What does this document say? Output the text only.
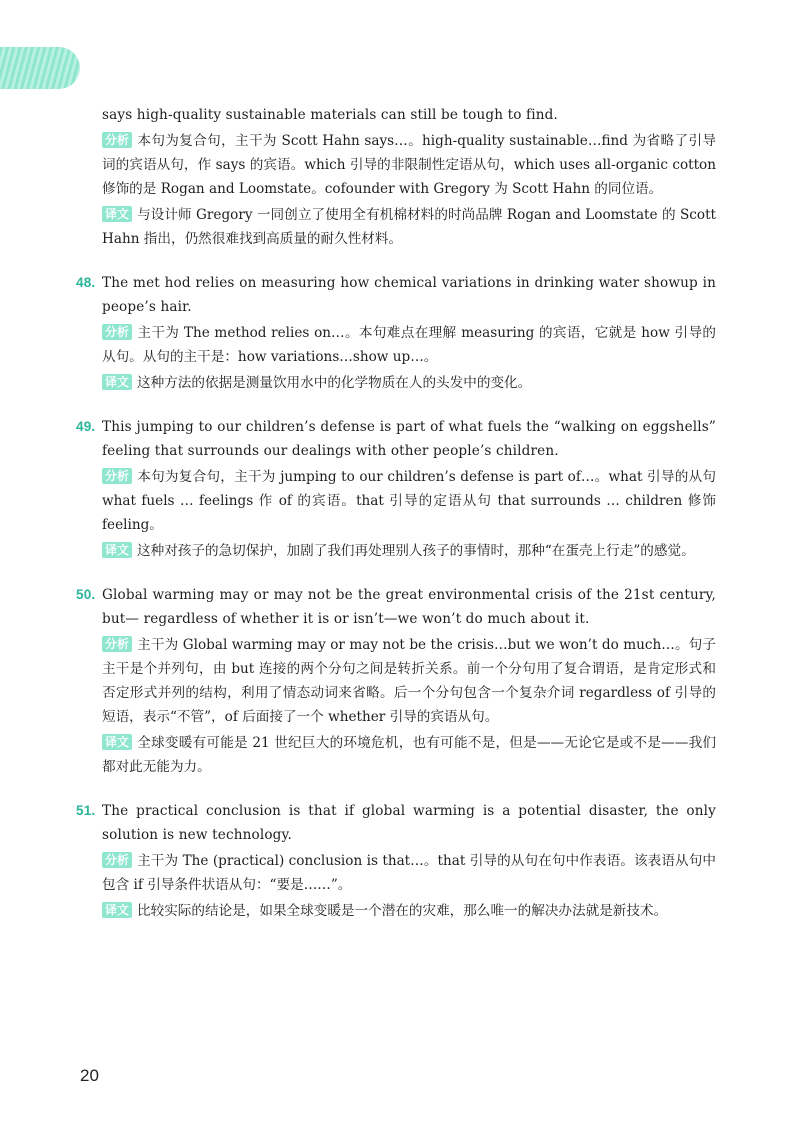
says high-quality sustainable materials can still be tough to find.

分析 本句为复合句，主干为 Scott Hahn says…。high-quality sustainable…find 为省略了引导词的宾语从句，作 says 的宾语。which 引导的非限制性定语从句，which uses all-organic cotton 修饰的是 Rogan and Loomstate。cofounder with Gregory 为 Scott Hahn 的同位语。

译文 与设计师 Gregory 一同创立了使用全有机棉材料的时尚品牌 Rogan and Loomstate 的 Scott Hahn 指出，仍然很难找到高质量的耐久性材料。

48. The met hod relies on measuring how chemical variations in drinking water showup in peope’s hair.

分析 主干为 The method relies on…。本句难点在理解 measuring 的宾语，它就是 how 引导的从句。从句的主干是：how variations…show up…。

译文 这种方法的依据是测量饮用水中的化学物质在人的头发中的变化。

49. This jumping to our children’s defense is part of what fuels the “walking on eggshells” feeling that surrounds our dealings with other people’s children.

分析 本句为复合句，主干为 jumping to our children’s defense is part of…。what 引导的从句 what fuels … feelings 作 of 的宾语。that 引导的定语从句 that surrounds … children 修饰 feeling。

译文 这种对孩子的急切保护，加剧了我们再处理别人孩子的事情时，那种“在蛋壳上行走”的感觉。

50. Global warming may or may not be the great environmental crisis of the 21st century, but— regardless of whether it is or isn’t—we won’t do much about it.

分析 主干为 Global warming may or may not be the crisis…but we won’t do much…。句子主干是个并列句，由 but 连接的两个分句之间是转折关系。前一个分句用了复合谓语，是肯定形式和否定形式并列的结构，利用了情态动词来省略。后一个分句包含一个复杂介词 regardless of 引导的短语，表示“不管”，of 后面接了一个 whether 引导的宾语从句。

译文 全球变暖有可能是 21 世纪巨大的环境危机，也有可能不是，但是——无论它是或不是——我们都对此无能为力。

51. The practical conclusion is that if global warming is a potential disaster, the only solution is new technology.

分析 主干为 The (practical) conclusion is that…。that 引导的从句在句中作表语。该表语从句中包含 if 引导条件状语从句：“要是……”。

译文 比较实际的结论是，如果全球变暖是一个潜在的灾难，那么唯一的解决办法就是新技术。

20
